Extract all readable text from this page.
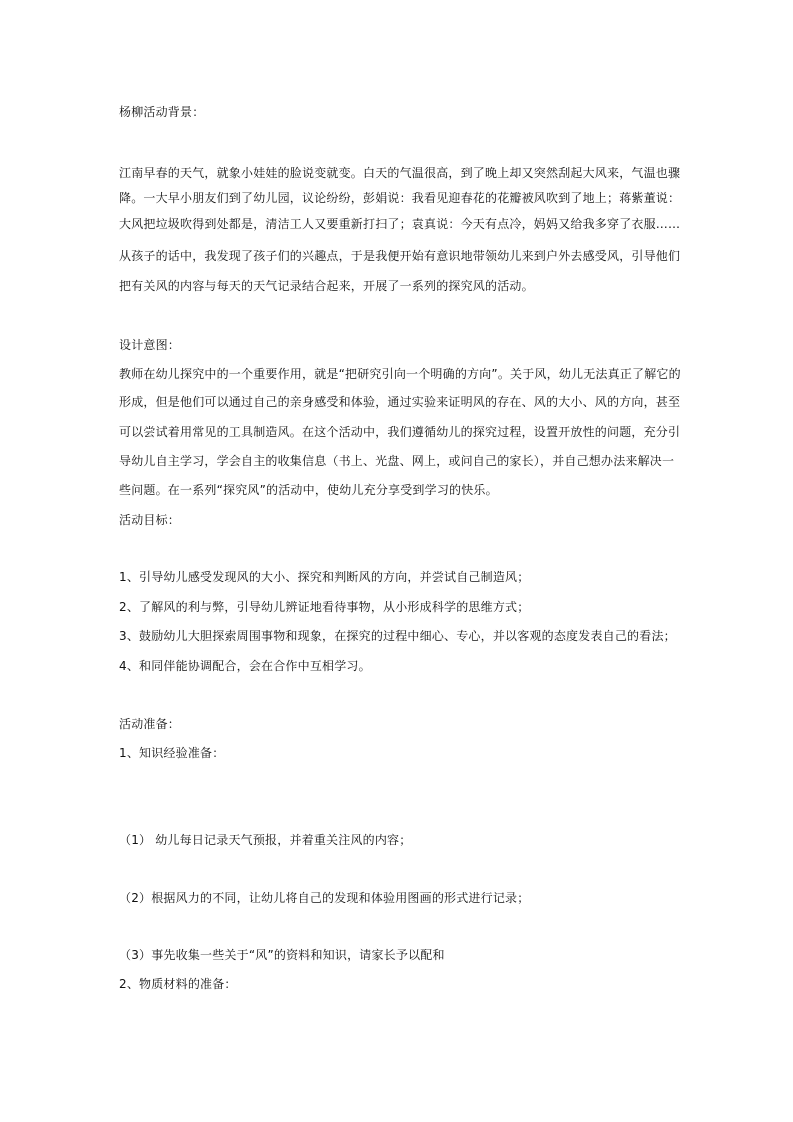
杨柳活动背景：
江南早春的天气，就象小娃娃的脸说变就变。白天的气温很高，到了晚上却又突然刮起大风来，气温也骤
降。一大早小朋友们到了幼儿园，议论纷纷，彭娟说：我看见迎春花的花瓣被风吹到了地上；蒋紫董说：
大风把垃圾吹得到处都是，清洁工人又要重新打扫了；袁真说：今天有点冷，妈妈又给我多穿了衣服……
从孩子的话中，我发现了孩子们的兴趣点，于是我便开始有意识地带领幼儿来到户外去感受风，引导他们
把有关风的内容与每天的天气记录结合起来，开展了一系列的探究风的活动。
设计意图：
教师在幼儿探究中的一个重要作用，就是“把研究引向一个明确的方向”。关于风，幼儿无法真正了解它的
形成，但是他们可以通过自己的亲身感受和体验，通过实验来证明风的存在、风的大小、风的方向，甚至
可以尝试着用常见的工具制造风。在这个活动中，我们遵循幼儿的探究过程，设置开放性的问题，充分引
导幼儿自主学习，学会自主的收集信息（书上、光盘、网上，或问自己的家长），并自己想办法来解决一
些问题。在一系列“探究风”的活动中，使幼儿充分享受到学习的快乐。
活动目标：
1、引导幼儿感受发现风的大小、探究和判断风的方向，并尝试自己制造风；
2、了解风的利与弊，引导幼儿辨证地看待事物，从小形成科学的思维方式；
3、鼓励幼儿大胆探索周围事物和现象，在探究的过程中细心、专心，并以客观的态度发表自己的看法；
4、和同伴能协调配合，会在合作中互相学习。
活动准备：
1、知识经验准备：
（1） 幼儿每日记录天气预报，并着重关注风的内容；
（2）根据风力的不同，让幼儿将自己的发现和体验用图画的形式进行记录；
（3）事先收集一些关于“风”的资料和知识，请家长予以配和
2、物质材料的准备：
